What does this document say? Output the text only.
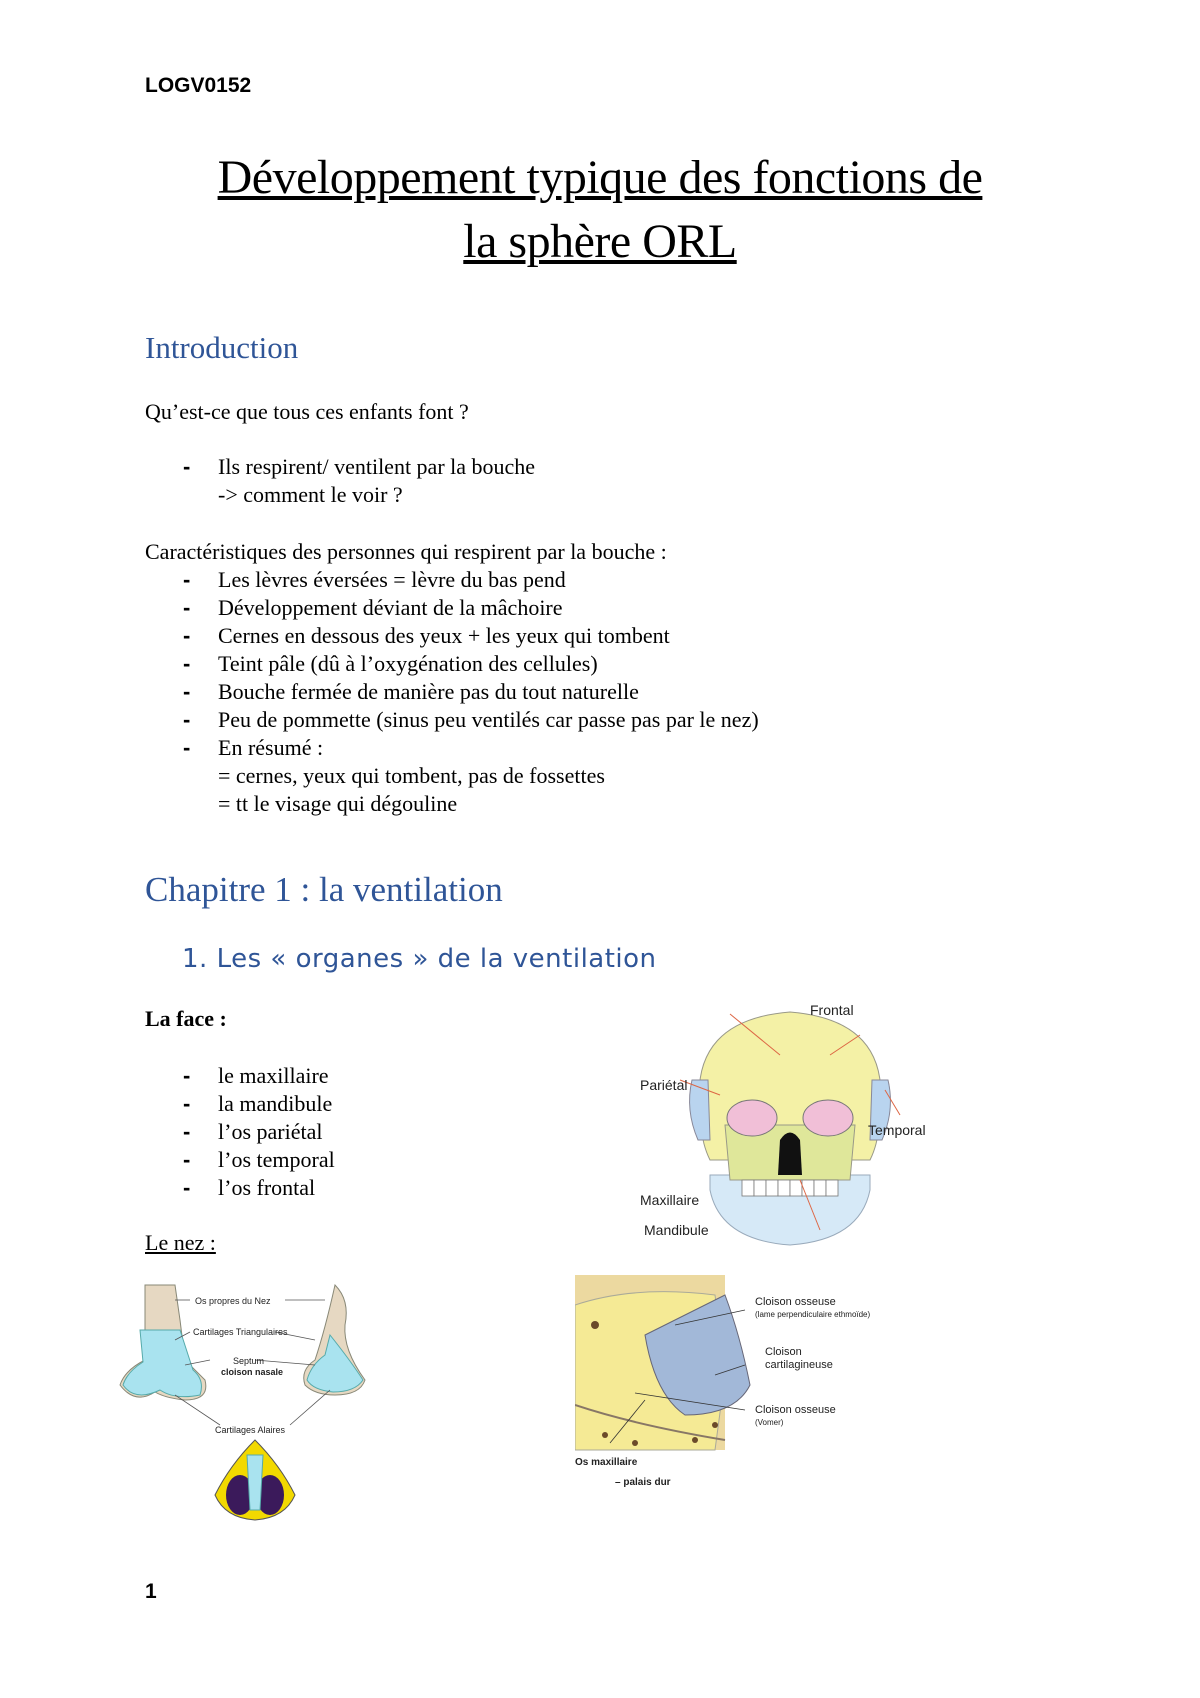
LOGV0152
Développement typique des fonctions de
la sphère ORL
Introduction
Qu’est-ce que tous ces enfants font ?
- Ils respirent/ ventilent par la bouche
-> comment le voir ?
Caractéristiques des personnes qui respirent par la bouche :
- Les lèvres éversées = lèvre du bas pend
- Développement déviant de la mâchoire
- Cernes en dessous des yeux + les yeux qui tombent
- Teint pâle (dû à l’oxygénation des cellules)
- Bouche fermée de manière pas du tout naturelle
- Peu de pommette (sinus peu ventilés car passe pas par le nez)
- En résumé :
= cernes, yeux qui tombent, pas de fossettes
= tt le visage qui dégouline
Chapitre 1 : la ventilation
1. Les « organes » de la ventilation
La face :
- le maxillaire
- la mandibule
- l’os pariétal
- l’os temporal
- l’os frontal
Le nez :
Frontal
Pariétal
Temporal
Maxillaire
Mandibule
Os propres du Nez
Cartilages Triangulaires
Septum
cloison nasale
Cartilages Alaires
Cloison osseuse
(lame perpendiculaire ethmoïde)
Cloison
cartilagineuse
Cloison osseuse
(Vomer)
Os maxillaire
– palais dur
1
